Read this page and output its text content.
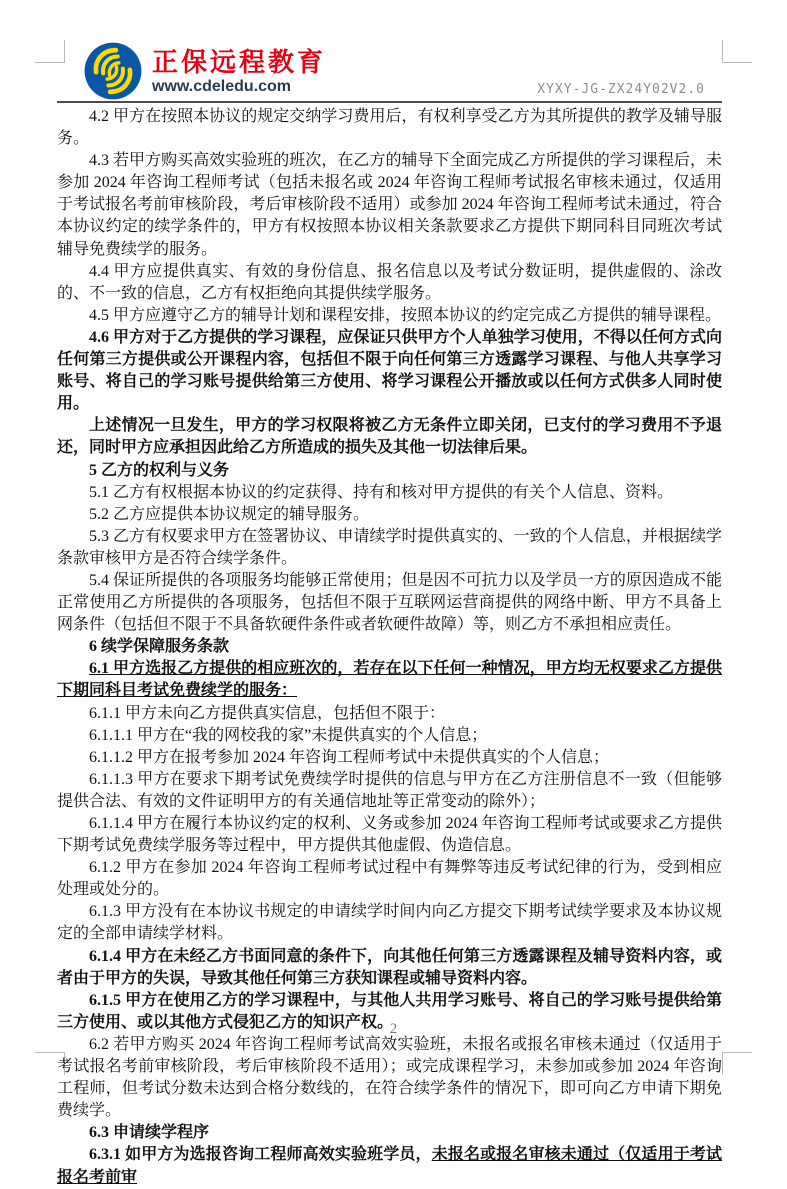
正保远程教育
www.cdeledu.com	XYXY-JG-ZX24Y02V2.0

4.2 甲方在按照本协议的规定交纳学习费用后，有权利享受乙方为其所提供的教学及辅导服务。

4.3 若甲方购买高效实验班的班次，在乙方的辅导下全面完成乙方所提供的学习课程后，未参加 2024 年咨询工程师考试（包括未报名或 2024 年咨询工程师考试报名审核未通过，仅适用于考试报名考前审核阶段，考后审核阶段不适用）或参加 2024 年咨询工程师考试未通过，符合本协议约定的续学条件的，甲方有权按照本协议相关条款要求乙方提供下期同科目同班次考试辅导免费续学的服务。

4.4 甲方应提供真实、有效的身份信息、报名信息以及考试分数证明，提供虚假的、涂改的、不一致的信息，乙方有权拒绝向其提供续学服务。

4.5 甲方应遵守乙方的辅导计划和课程安排，按照本协议的约定完成乙方提供的辅导课程。

4.6 甲方对于乙方提供的学习课程，应保证只供甲方个人单独学习使用，不得以任何方式向任何第三方提供或公开课程内容，包括但不限于向任何第三方透露学习课程、与他人共享学习账号、将自己的学习账号提供给第三方使用、将学习课程公开播放或以任何方式供多人同时使用。

上述情况一旦发生，甲方的学习权限将被乙方无条件立即关闭，已支付的学习费用不予退还，同时甲方应承担因此给乙方所造成的损失及其他一切法律后果。

5 乙方的权利与义务

5.1 乙方有权根据本协议的约定获得、持有和核对甲方提供的有关个人信息、资料。

5.2 乙方应提供本协议规定的辅导服务。

5.3 乙方有权要求甲方在签署协议、申请续学时提供真实的、一致的个人信息，并根据续学条款审核甲方是否符合续学条件。

5.4 保证所提供的各项服务均能够正常使用；但是因不可抗力以及学员一方的原因造成不能正常使用乙方所提供的各项服务，包括但不限于互联网运营商提供的网络中断、甲方不具备上网条件（包括但不限于不具备软硬件条件或者软硬件故障）等，则乙方不承担相应责任。

6 续学保障服务条款

6.1 甲方选报乙方提供的相应班次的，若存在以下任何一种情况，甲方均无权要求乙方提供下期同科目考试免费续学的服务：

6.1.1 甲方未向乙方提供真实信息，包括但不限于：

6.1.1.1 甲方在“我的网校我的家”未提供真实的个人信息；

6.1.1.2 甲方在报考参加 2024 年咨询工程师考试中未提供真实的个人信息；

6.1.1.3 甲方在要求下期考试免费续学时提供的信息与甲方在乙方注册信息不一致（但能够提供合法、有效的文件证明甲方的有关通信地址等正常变动的除外）；

6.1.1.4 甲方在履行本协议约定的权利、义务或参加 2024 年咨询工程师考试或要求乙方提供下期考试免费续学服务等过程中，甲方提供其他虚假、伪造信息。

6.1.2 甲方在参加 2024 年咨询工程师考试过程中有舞弊等违反考试纪律的行为，受到相应处理或处分的。

6.1.3 甲方没有在本协议书规定的申请续学时间内向乙方提交下期考试续学要求及本协议规定的全部申请续学材料。

6.1.4 甲方在未经乙方书面同意的条件下，向其他任何第三方透露课程及辅导资料内容，或者由于甲方的失误，导致其他任何第三方获知课程或辅导资料内容。

6.1.5 甲方在使用乙方的学习课程中，与其他人共用学习账号、将自己的学习账号提供给第三方使用、或以其他方式侵犯乙方的知识产权。

6.2 若甲方购买 2024 年咨询工程师考试高效实验班，未报名或报名审核未通过（仅适用于考试报名考前审核阶段，考后审核阶段不适用）；或完成课程学习，未参加或参加 2024 年咨询工程师，但考试分数未达到合格分数线的，在符合续学条件的情况下，即可向乙方申请下期免费续学。

6.3 申请续学程序

6.3.1 如甲方为选报咨询工程师高效实验班学员，未报名或报名审核未通过（仅适用于考试报名考前审

2
